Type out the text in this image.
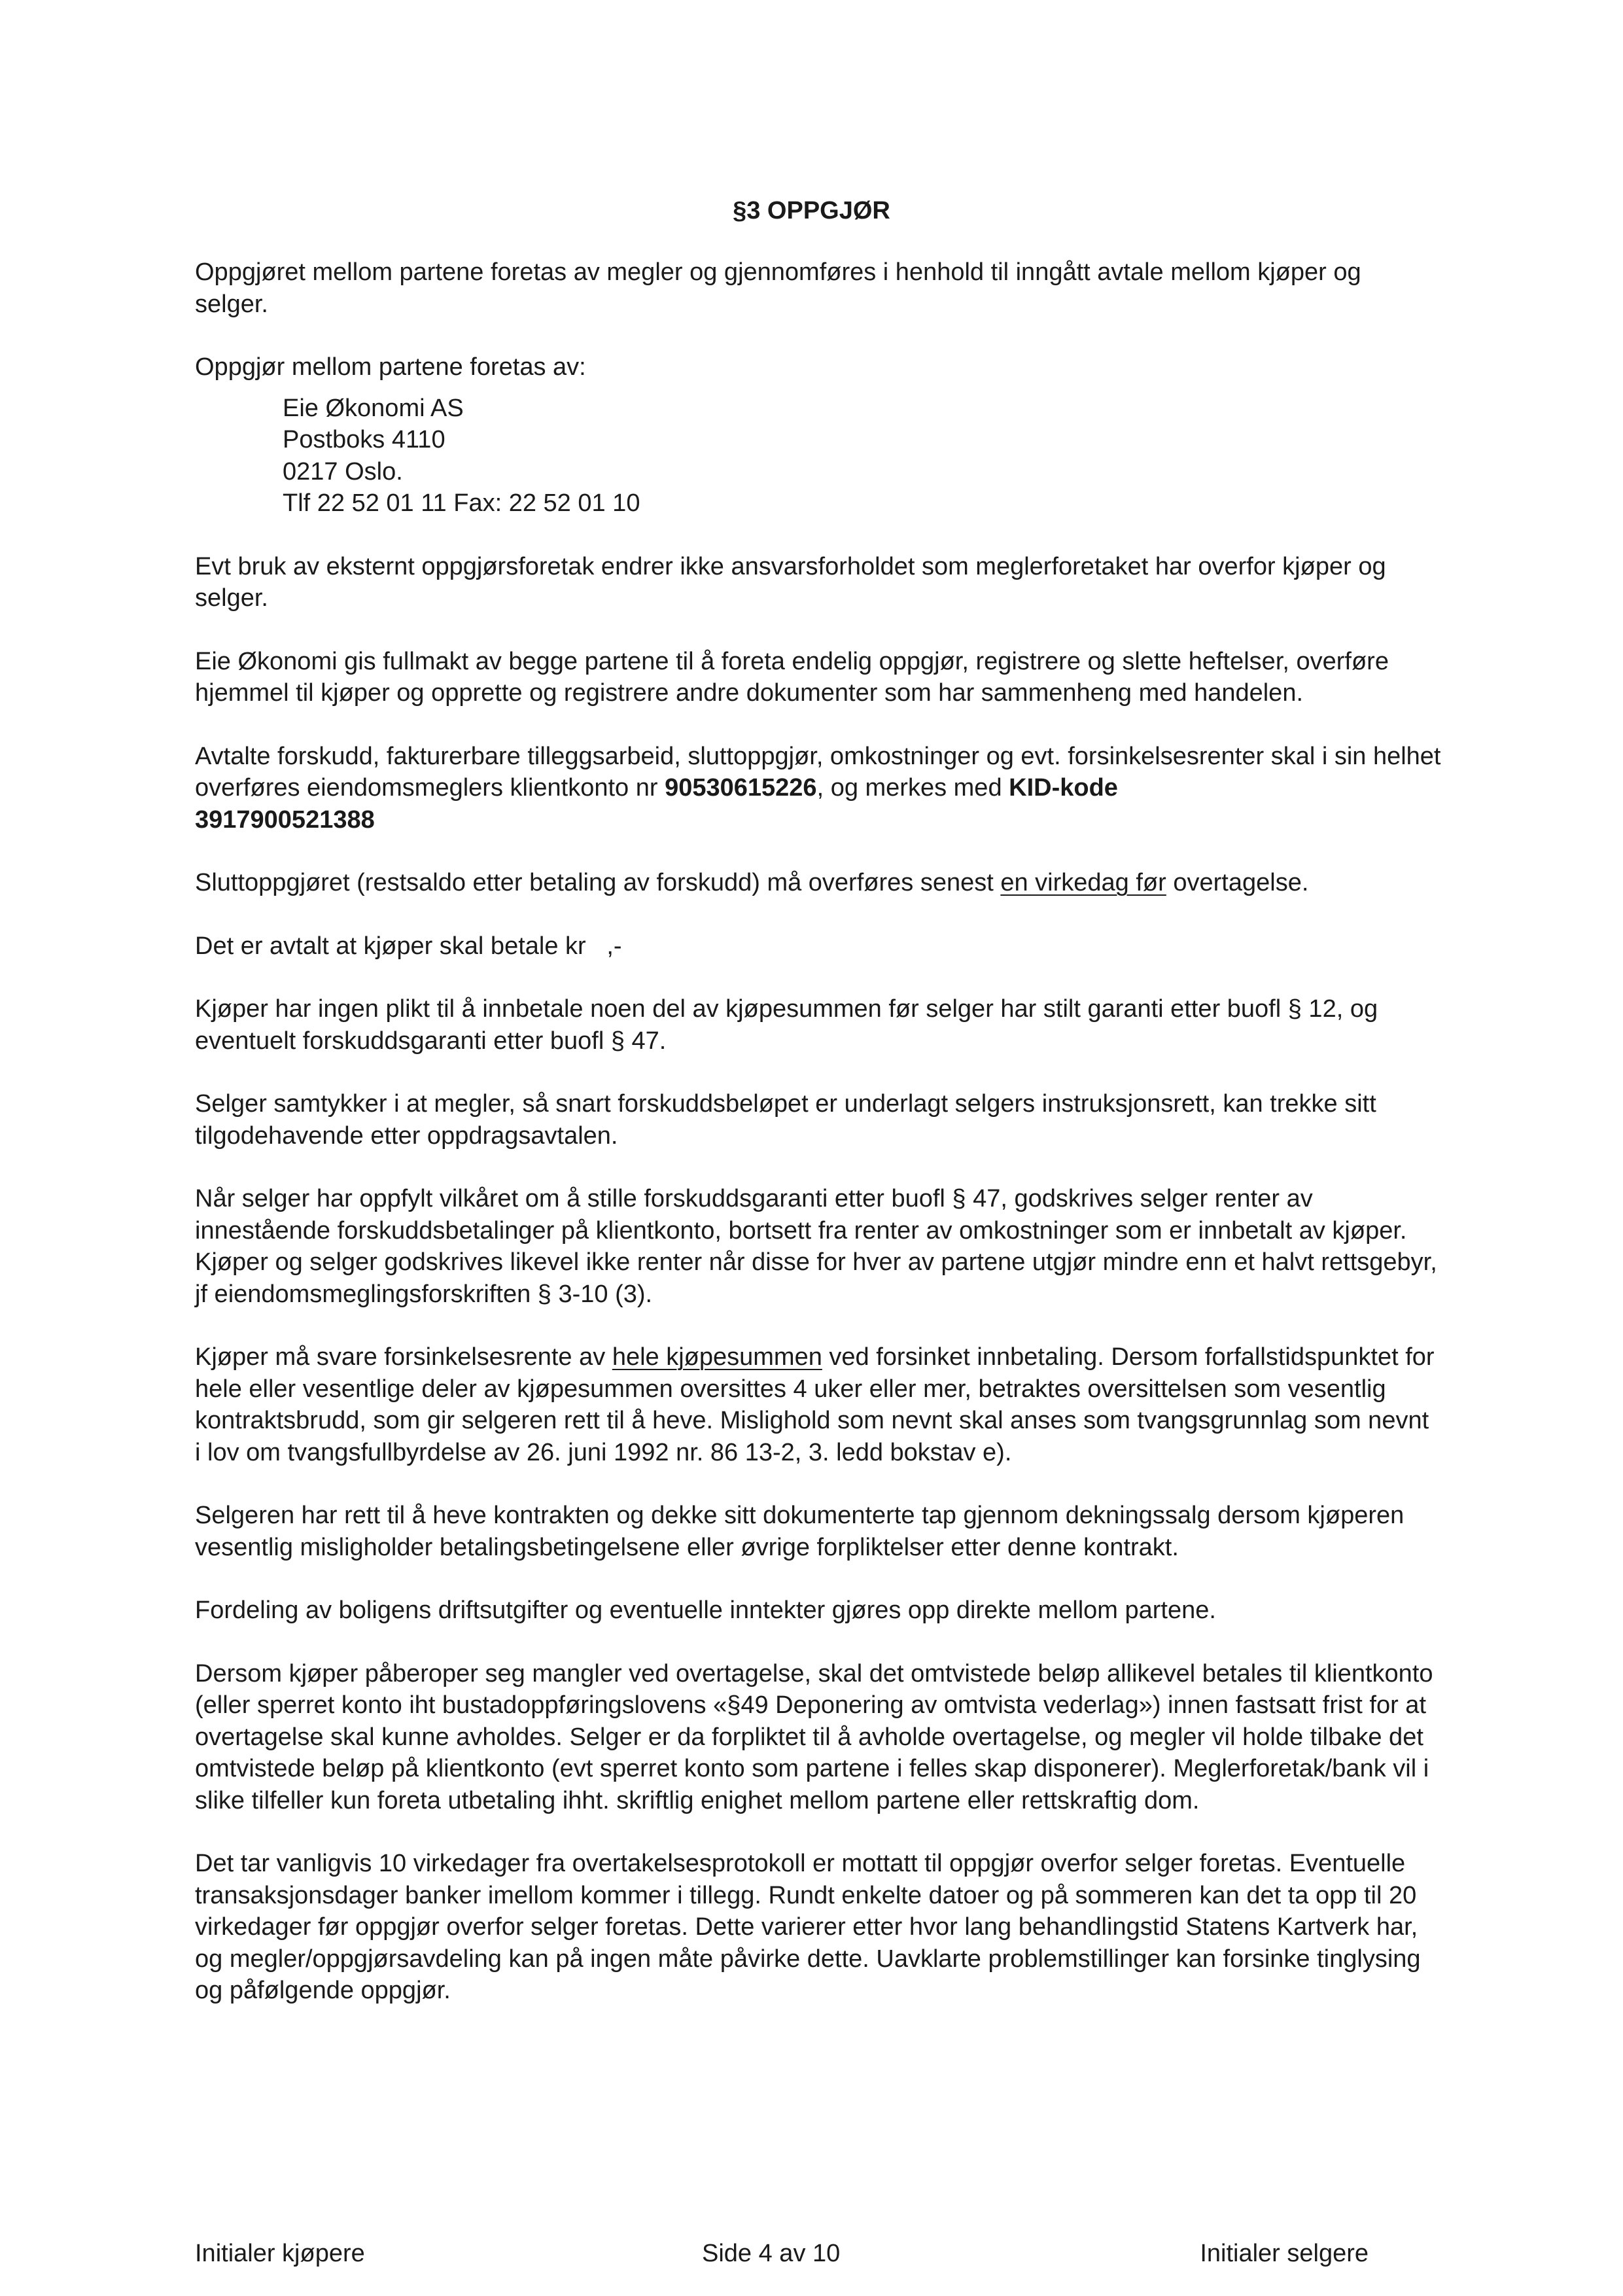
§3 OPPGJØR

Oppgjøret mellom partene foretas av megler og gjennomføres i henhold til inngått avtale mellom kjøper og selger.

Oppgjør mellom partene foretas av:

Eie Økonomi AS
Postboks 4110
0217 Oslo.
Tlf 22 52 01 11 Fax: 22 52 01 10

Evt bruk av eksternt oppgjørsforetak endrer ikke ansvarsforholdet som meglerforetaket har overfor kjøper og selger.

Eie Økonomi gis fullmakt av begge partene til å foreta endelig oppgjør, registrere og slette heftelser, overføre hjemmel til kjøper og opprette og registrere andre dokumenter som har sammenheng med handelen.

Avtalte forskudd, fakturerbare tilleggsarbeid, sluttoppgjør, omkostninger og evt. forsinkelsesrenter skal i sin helhet overføres eiendomsmeglers klientkonto nr 90530615226, og merkes med KID-kode
3917900521388

Sluttoppgjøret (restsaldo etter betaling av forskudd) må overføres senest en virkedag før overtagelse.

Det er avtalt at kjøper skal betale kr   ,-

Kjøper har ingen plikt til å innbetale noen del av kjøpesummen før selger har stilt garanti etter buofl § 12, og eventuelt forskuddsgaranti etter buofl § 47.

Selger samtykker i at megler, så snart forskuddsbeløpet er underlagt selgers instruksjonsrett, kan trekke sitt tilgodehavende etter oppdragsavtalen.

Når selger har oppfylt vilkåret om å stille forskuddsgaranti etter buofl § 47, godskrives selger renter av innestående forskuddsbetalinger på klientkonto, bortsett fra renter av omkostninger som er innbetalt av kjøper. Kjøper og selger godskrives likevel ikke renter når disse for hver av partene utgjør mindre enn et halvt rettsgebyr, jf eiendomsmeglingsforskriften § 3-10 (3).

Kjøper må svare forsinkelsesrente av hele kjøpesummen ved forsinket innbetaling. Dersom forfallstidspunktet for hele eller vesentlige deler av kjøpesummen oversittes 4 uker eller mer, betraktes oversittelsen som vesentlig kontraktsbrudd, som gir selgeren rett til å heve. Mislighold som nevnt skal anses som tvangsgrunnlag som nevnt i lov om tvangsfullbyrdelse av 26. juni 1992 nr. 86 13-2, 3. ledd bokstav e).

Selgeren har rett til å heve kontrakten og dekke sitt dokumenterte tap gjennom dekningssalg dersom kjøperen vesentlig misligholder betalingsbetingelsene eller øvrige forpliktelser etter denne kontrakt.

Fordeling av boligens driftsutgifter og eventuelle inntekter gjøres opp direkte mellom partene.

Dersom kjøper påberoper seg mangler ved overtagelse, skal det omtvistede beløp allikevel betales til klientkonto (eller sperret konto iht bustadoppføringslovens «§49 Deponering av omtvista vederlag») innen fastsatt frist for at overtagelse skal kunne avholdes. Selger er da forpliktet til å avholde overtagelse, og megler vil holde tilbake det omtvistede beløp på klientkonto (evt sperret konto som partene i felles skap disponerer). Meglerforetak/bank vil i slike tilfeller kun foreta utbetaling ihht. skriftlig enighet mellom partene eller rettskraftig dom.

Det tar vanligvis 10 virkedager fra overtakelsesprotokoll er mottatt til oppgjør overfor selger foretas. Eventuelle transaksjonsdager banker imellom kommer i tillegg. Rundt enkelte datoer og på sommeren kan det ta opp til 20 virkedager før oppgjør overfor selger foretas. Dette varierer etter hvor lang behandlingstid Statens Kartverk har, og megler/oppgjørsavdeling kan på ingen måte påvirke dette. Uavklarte problemstillinger kan forsinke tinglysing og påfølgende oppgjør.

Initialer kjøpere	Side 4 av 10	Initialer selgere
